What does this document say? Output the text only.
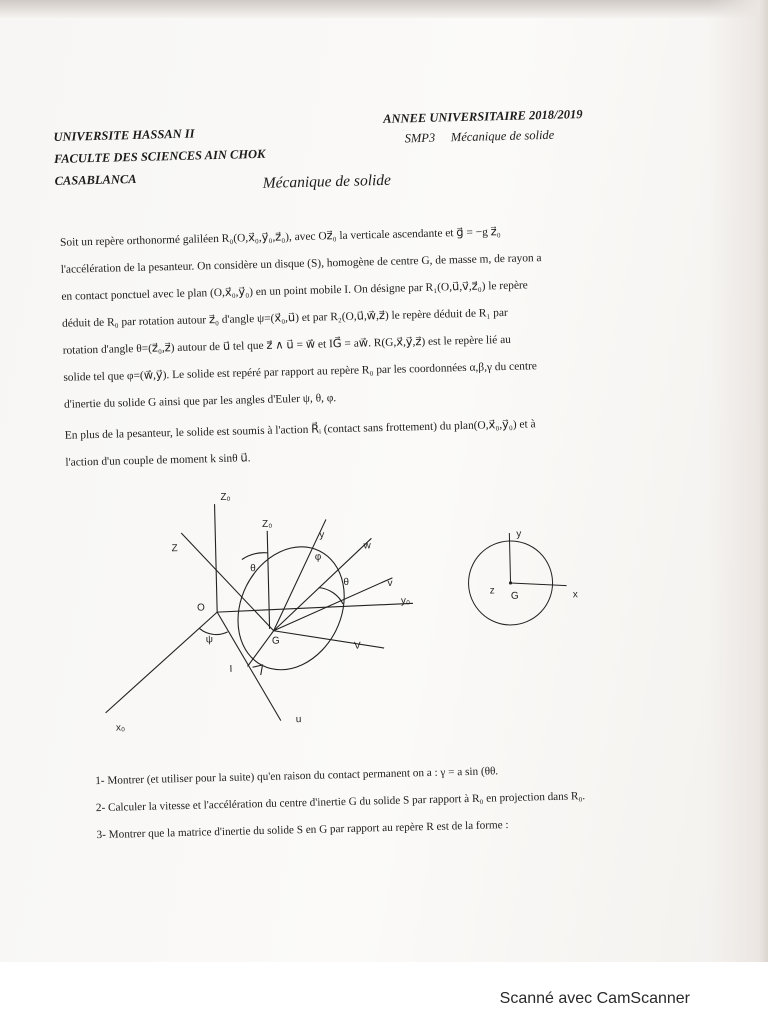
UNIVERSITE HASSAN II
FACULTE DES SCIENCES AIN CHOK
CASABLANCA
ANNEE UNIVERSITAIRE 2018/2019
SMP3 Mécanique de solide
Mécanique de solide

Soit un repère orthonormé galiléen R₀(O,x⃗₀,y⃗₀,z⃗₀), avec Oz⃗₀ la verticale ascendante et g⃗ = −g z⃗₀

l'accélération de la pesanteur. On considère un disque (S), homogène de centre G, de masse m, de rayon a

en contact ponctuel avec le plan (O,x⃗₀,y⃗₀) en un point mobile I. On désigne par R₁(O,u⃗,v⃗,z⃗₀) le repère

déduit de R₀ par rotation autour z⃗₀ d'angle ψ=(x⃗₀,u⃗) et par R₂(O,u⃗,w⃗,z⃗) le repère déduit de R₁ par

rotation d'angle θ=(z⃗₀,z⃗) autour de u⃗ tel que z⃗ ∧ u⃗ = w⃗ et IG⃗ = aw⃗. R(G,x⃗,y⃗,z⃗) est le repère lié au

solide tel que φ=(w⃗,y⃗). Le solide est repéré par rapport au repère R₀ par les coordonnées α,β,γ du centre

d'inertie du solide G ainsi que par les angles d'Euler ψ, θ, φ.

En plus de la pesanteur, le solide est soumis à l'action R⃗ᵢ (contact sans frottement) du plan(O,x⃗₀,y⃗₀) et à

l'action d'un couple de moment k sinθ u⃗.

Z₀
Z₀
Z
y
w
v
y₀
V
θ
φ
θ
O
ψ	G
I
x₀
u
y
z G	x
1- Montrer (et utiliser pour la suite) qu'en raison du contact permanent on a : γ = a sin (θθ.
2- Calculer la vitesse et l'accélération du centre d'inertie G du solide S par rapport à R₀ en projection dans R₀.
3- Montrer que la matrice d'inertie du solide S en G par rapport au repère R est de la forme :
Scanné avec CamScanner
